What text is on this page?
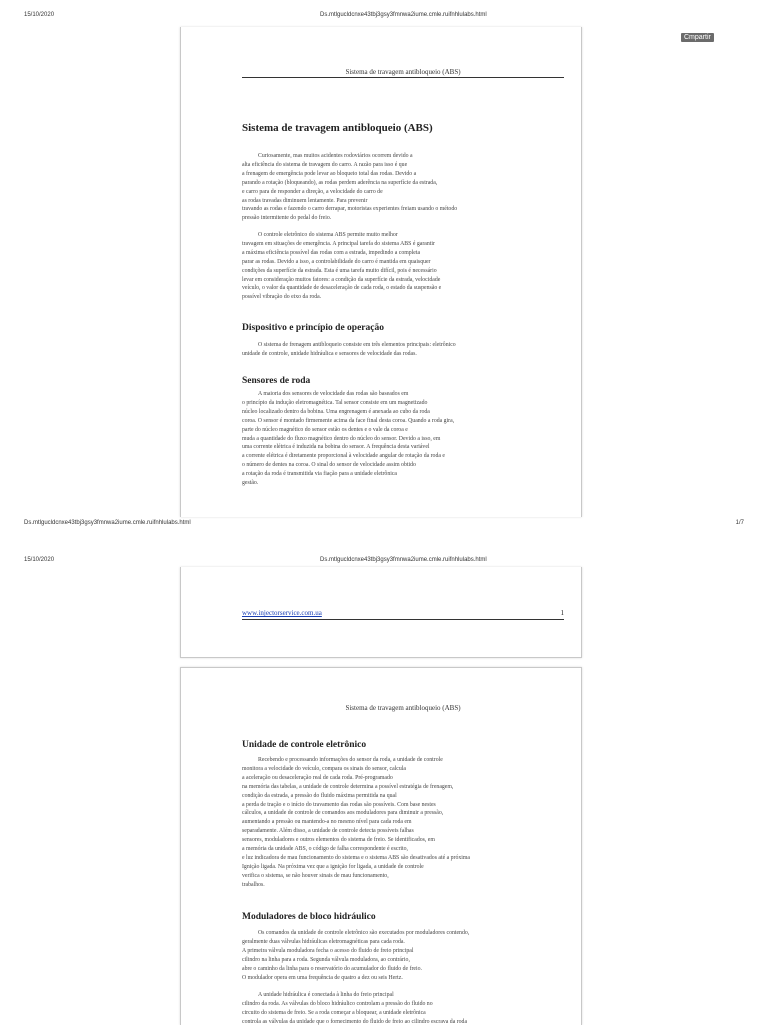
15/10/2020	Ds.mtlgucldcnxe43tbj3gsy3fmnwa2iume.cmle.ruifnhlulabs.html
Cmpartir
Sistema de travagem antibloqueio (ABS)
Sistema de travagem antibloqueio (ABS)

Curiosamente, mas muitos acidentes rodoviários ocorrem devido a
alta eficiência do sistema de travagem do carro. A razão para isso é que
a frenagem de emergência pode levar ao bloqueio total das rodas. Devido a
parando a rotação (bloqueando), as rodas perdem aderência na superfície da estrada,
e carro para de responder a direção, a velocidade do carro de
as rodas travadas diminuem lentamente. Para prevenir
travando as rodas e fazendo o carro derrapar, motoristas experientes freiam usando o método
pressão intermitente do pedal do freio.

O controle eletrônico do sistema ABS permite muito melhor
travagem em situações de emergência. A principal tarefa do sistema ABS é garantir
a máxima eficiência possível das rodas com a estrada, impedindo a completa
parar as rodas. Devido a isso, a controlabilidade do carro é mantida em quaisquer
condições da superfície da estrada. Esta é uma tarefa muito difícil, pois é necessário
levar em consideração muitos fatores: a condição da superfície da estrada, velocidade
veículo, o valor da quantidade de desaceleração de cada roda, o estado da suspensão e
possível vibração do eixo da roda.

Dispositivo e princípio de operação

O sistema de frenagem antibloqueio consiste em três elementos principais: eletrônico
unidade de controle, unidade hidráulica e sensores de velocidade das rodas.

Sensores de roda

A maioria dos sensores de velocidade das rodas são baseados em
o princípio da indução eletromagnética. Tal sensor consiste em um magnetizado
núcleo localizado dentro da bobina. Uma engrenagem é anexada ao cubo da roda
coroa. O sensor é montado firmemente acima da face final desta coroa. Quando a roda gira,
parte do núcleo magnético do sensor estão os dentes e o vale da coroa e
muda a quantidade do fluxo magnético dentro do núcleo do sensor. Devido a isso, em
uma corrente elétrica é induzida na bobina do sensor. A frequência desta variável
a corrente elétrica é diretamente proporcional à velocidade angular de rotação da roda e
o número de dentes na coroa. O sinal do sensor de velocidade assim obtido
a rotação da roda é transmitida via fiação para a unidade eletrônica
gestão.

Ds.mtlgucldcnxe43tbj3gsy3fmnwa2iume.cmle.ruifnhlulabs.html	1/7
15/10/2020	Ds.mtlgucldcnxe43tbj3gsy3fmnwa2iume.cmle.ruifnhlulabs.html
www.injectorservice.com.ua	1
Sistema de travagem antibloqueio (ABS)
Unidade de controle eletrônico

Recebendo e processando informações do sensor da roda, a unidade de controle
monitora a velocidade do veículo, compara os sinais do sensor, calcula
a aceleração ou desaceleração real de cada roda. Pré-programado
na memória das tabelas, a unidade de controle determina a possível estratégia de frenagem,
condição da estrada, a pressão do fluido máxima permitida na qual
a perda de tração e o início do travamento das rodas são possíveis. Com base nestes
cálculos, a unidade de controle de comandos aos moduladores para diminuir a pressão,
aumentando a pressão ou mantendo-a no mesmo nível para cada roda em
separadamente. Além disso, a unidade de controle detecta possíveis falhas
sensores, moduladores e outros elementos do sistema de freio. Se identificados, em
a memória da unidade ABS, o código de falha correspondente é escrito,
e luz indicadora de mau funcionamento do sistema e o sistema ABS são desativados até a próxima
Ignição ligada. Na próxima vez que a ignição for ligada, a unidade de controle
verifica o sistema, se não houver sinais de mau funcionamento,
trabalhos.

Moduladores de bloco hidráulico

Os comandos da unidade de controle eletrônico são executados por moduladores contendo,
geralmente duas válvulas hidráulicas eletromagnéticas para cada roda.
A primeira válvula moduladora fecha o acesso do fluido de freio principal
cilindro na linha para a roda. Segunda válvula moduladora, ao contrário,
abre o caminho da linha para o reservatório do acumulador do fluido de freio.
O modulador opera em uma frequência de quatro a dez ou seis Hertz.

A unidade hidráulica é conectada à linha do freio principal
cilindro da roda. As válvulas do bloco hidráulico controlam a pressão do fluido no
circuito do sistema de freio. Se a roda começar a bloquear, a unidade eletrônica
controla as válvulas da unidade que o fornecimento do fluido de freio ao cilindro escrava da roda
